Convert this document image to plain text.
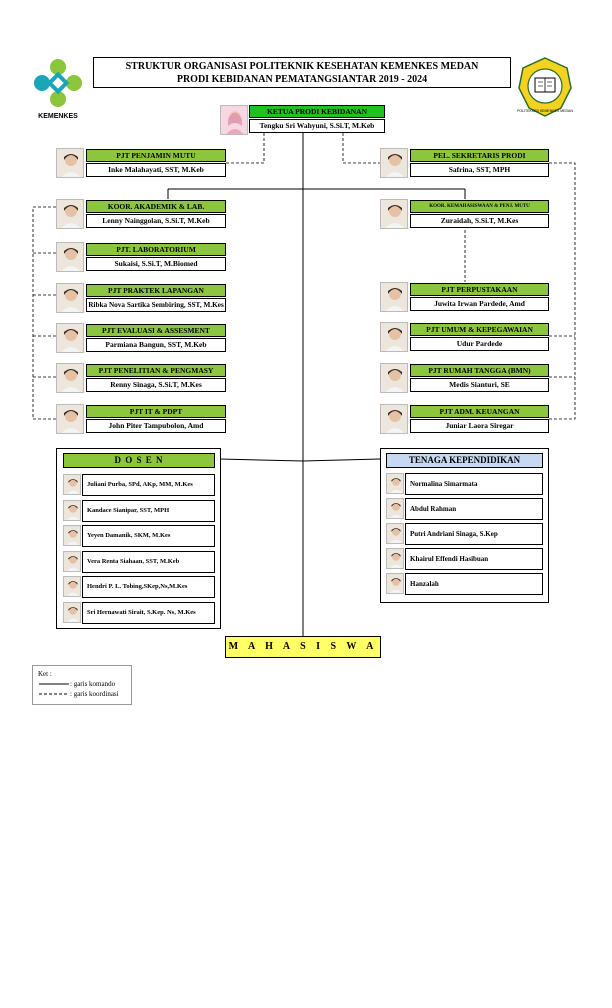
KEMENKES
STRUKTUR ORGANISASI POLITEKNIK KESEHATAN KEMENKES MEDAN
PRODI KEBIDANAN PEMATANGSIANTAR 2019 - 2024
POLITEKKES KEMENKES MEDAN
KETUA PRODI KEBIDANAN
Tengku Sri Wahyuni, S.Si.T, M.Keb
PJT PENJAMIN MUTU
Inke Malahayati, SST, M.Keb
KOOR. AKADEMIK & LAB.
Lenny Nainggolan, S.Si.T, M.Keb
PJT. LABORATORIUM
Sukaisi, S.Si.T, M.Biomed
PJT PRAKTEK LAPANGAN
Ribka Nova Sartika Sembiring, SST, M.Kes
PJT EVALUASI & ASSESMENT
Parmiana Bangun, SST, M.Keb
PJT PENELITIAN & PENGMASY
Renny Sinaga, S.Si.T, M.Kes
PJT IT & PDPT
John Piter Tampubolon, Amd
PEL. SEKRETARIS PRODI
Safrina, SST, MPH
KOOR. KEMAHASISWAAN & PENJ. MUTU
Zuraidah, S.Si.T, M.Kes
PJT PERPUSTAKAAN
Juwita Irwan Pardede, Amd
PJT UMUM & KEPEGAWAIAN
Udur Pardede
PJT RUMAH TANGGA (BMN)
Medis Sianturi, SE
PJT ADM. KEUANGAN
Juniar Laora Siregar
D O S E N
Juliani Purba, SPd, AKp, MM, M.Kes
Kandace Sianipar, SST, MPH
Yeyen Damanik, SKM, M.Kes
Vera Renta Siahaan, SST, M.Keb
Hendri P. L. Tobing,SKep,Ns,M.Kes
Sri Hernawati Sirait, S.Kep. Ns, M.Kes
TENAGA KEPENDIDIKAN
Normalina Simarmata
Abdul Rahman
Putri Andriani Sinaga, S.Kep
Khairul Effendi Hasibuan
Hanzalah
M A H A S I S W A
Ket :
: garis komando
: garis koordinasi
